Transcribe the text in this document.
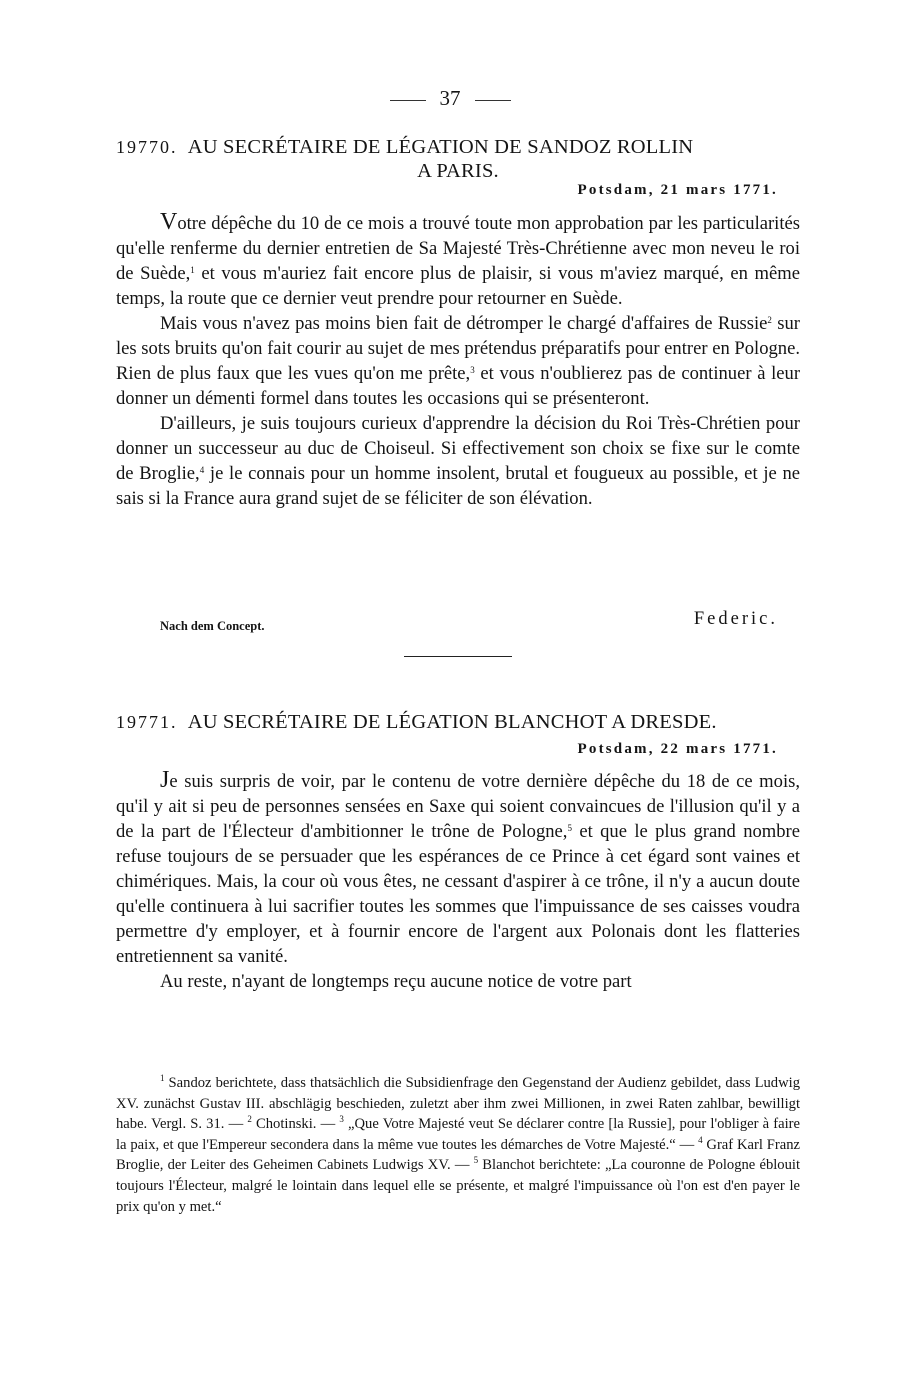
37
19770. AU SECRÉTAIRE DE LÉGATION DE SANDOZ ROLLIN
A PARIS.
Potsdam, 21 mars 1771.

Votre dépêche du 10 de ce mois a trouvé toute mon approbation par les particularités qu'elle renferme du dernier entretien de Sa Majesté Très-Chrétienne avec mon neveu le roi de Suède,$^1$ et vous m'auriez fait encore plus de plaisir, si vous m'aviez marqué, en même temps, la route que ce dernier veut prendre pour retourner en Suède.

Mais vous n'avez pas moins bien fait de détromper le chargé d'affaires de Russie$^2$ sur les sots bruits qu'on fait courir au sujet de mes prétendus préparatifs pour entrer en Pologne. Rien de plus faux que les vues qu'on me prête,$^3$ et vous n'oublierez pas de continuer à leur donner un démenti formel dans toutes les occasions qui se présenteront.

D'ailleurs, je suis toujours curieux d'apprendre la décision du Roi Très-Chrétien pour donner un successeur au duc de Choiseul. Si effectivement son choix se fixe sur le comte de Broglie,$^4$ je le connais pour un homme insolent, brutal et fougueux au possible, et je ne sais si la France aura grand sujet de se féliciter de son élévation.

Nach dem Concept.	Federic.
19771. AU SECRÉTAIRE DE LÉGATION BLANCHOT A DRESDE.
Potsdam, 22 mars 1771.

Je suis surpris de voir, par le contenu de votre dernière dépêche du 18 de ce mois, qu'il y ait si peu de personnes sensées en Saxe qui soient convaincues de l'illusion qu'il y a de la part de l'Électeur d'ambitionner le trône de Pologne,$^5$ et que le plus grand nombre refuse toujours de se persuader que les espérances de ce Prince à cet égard sont vaines et chimériques. Mais, la cour où vous êtes, ne cessant d'aspirer à ce trône, il n'y a aucun doute qu'elle continuera à lui sacrifier toutes les sommes que l'impuissance de ses caisses voudra permettre d'y employer, et à fournir encore de l'argent aux Polonais dont les flatteries entretiennent sa vanité.

Au reste, n'ayant de longtemps reçu aucune notice de votre part

$^1$ Sandoz berichtete, dass thatsächlich die Subsidienfrage den Gegenstand der Audienz gebildet, dass Ludwig XV. zunächst Gustav III. abschlägig beschieden, zuletzt aber ihm zwei Millionen, in zwei Raten zahlbar, bewilligt habe. Vergl. S. 31. — $^2$ Chotinski. — $^3$ „Que Votre Majesté veut Se déclarer contre [la Russie], pour l'obliger à faire la paix, et que l'Empereur secondera dans la même vue toutes les démarches de Votre Majesté.“ — $^4$ Graf Karl Franz Broglie, der Leiter des Geheimen Cabinets Ludwigs XV. — $^5$ Blanchot berichtete: „La couronne de Pologne éblouit toujours l'Électeur, malgré le lointain dans lequel elle se présente, et malgré l'impuissance où l'on est d'en payer le prix qu'on y met.“
